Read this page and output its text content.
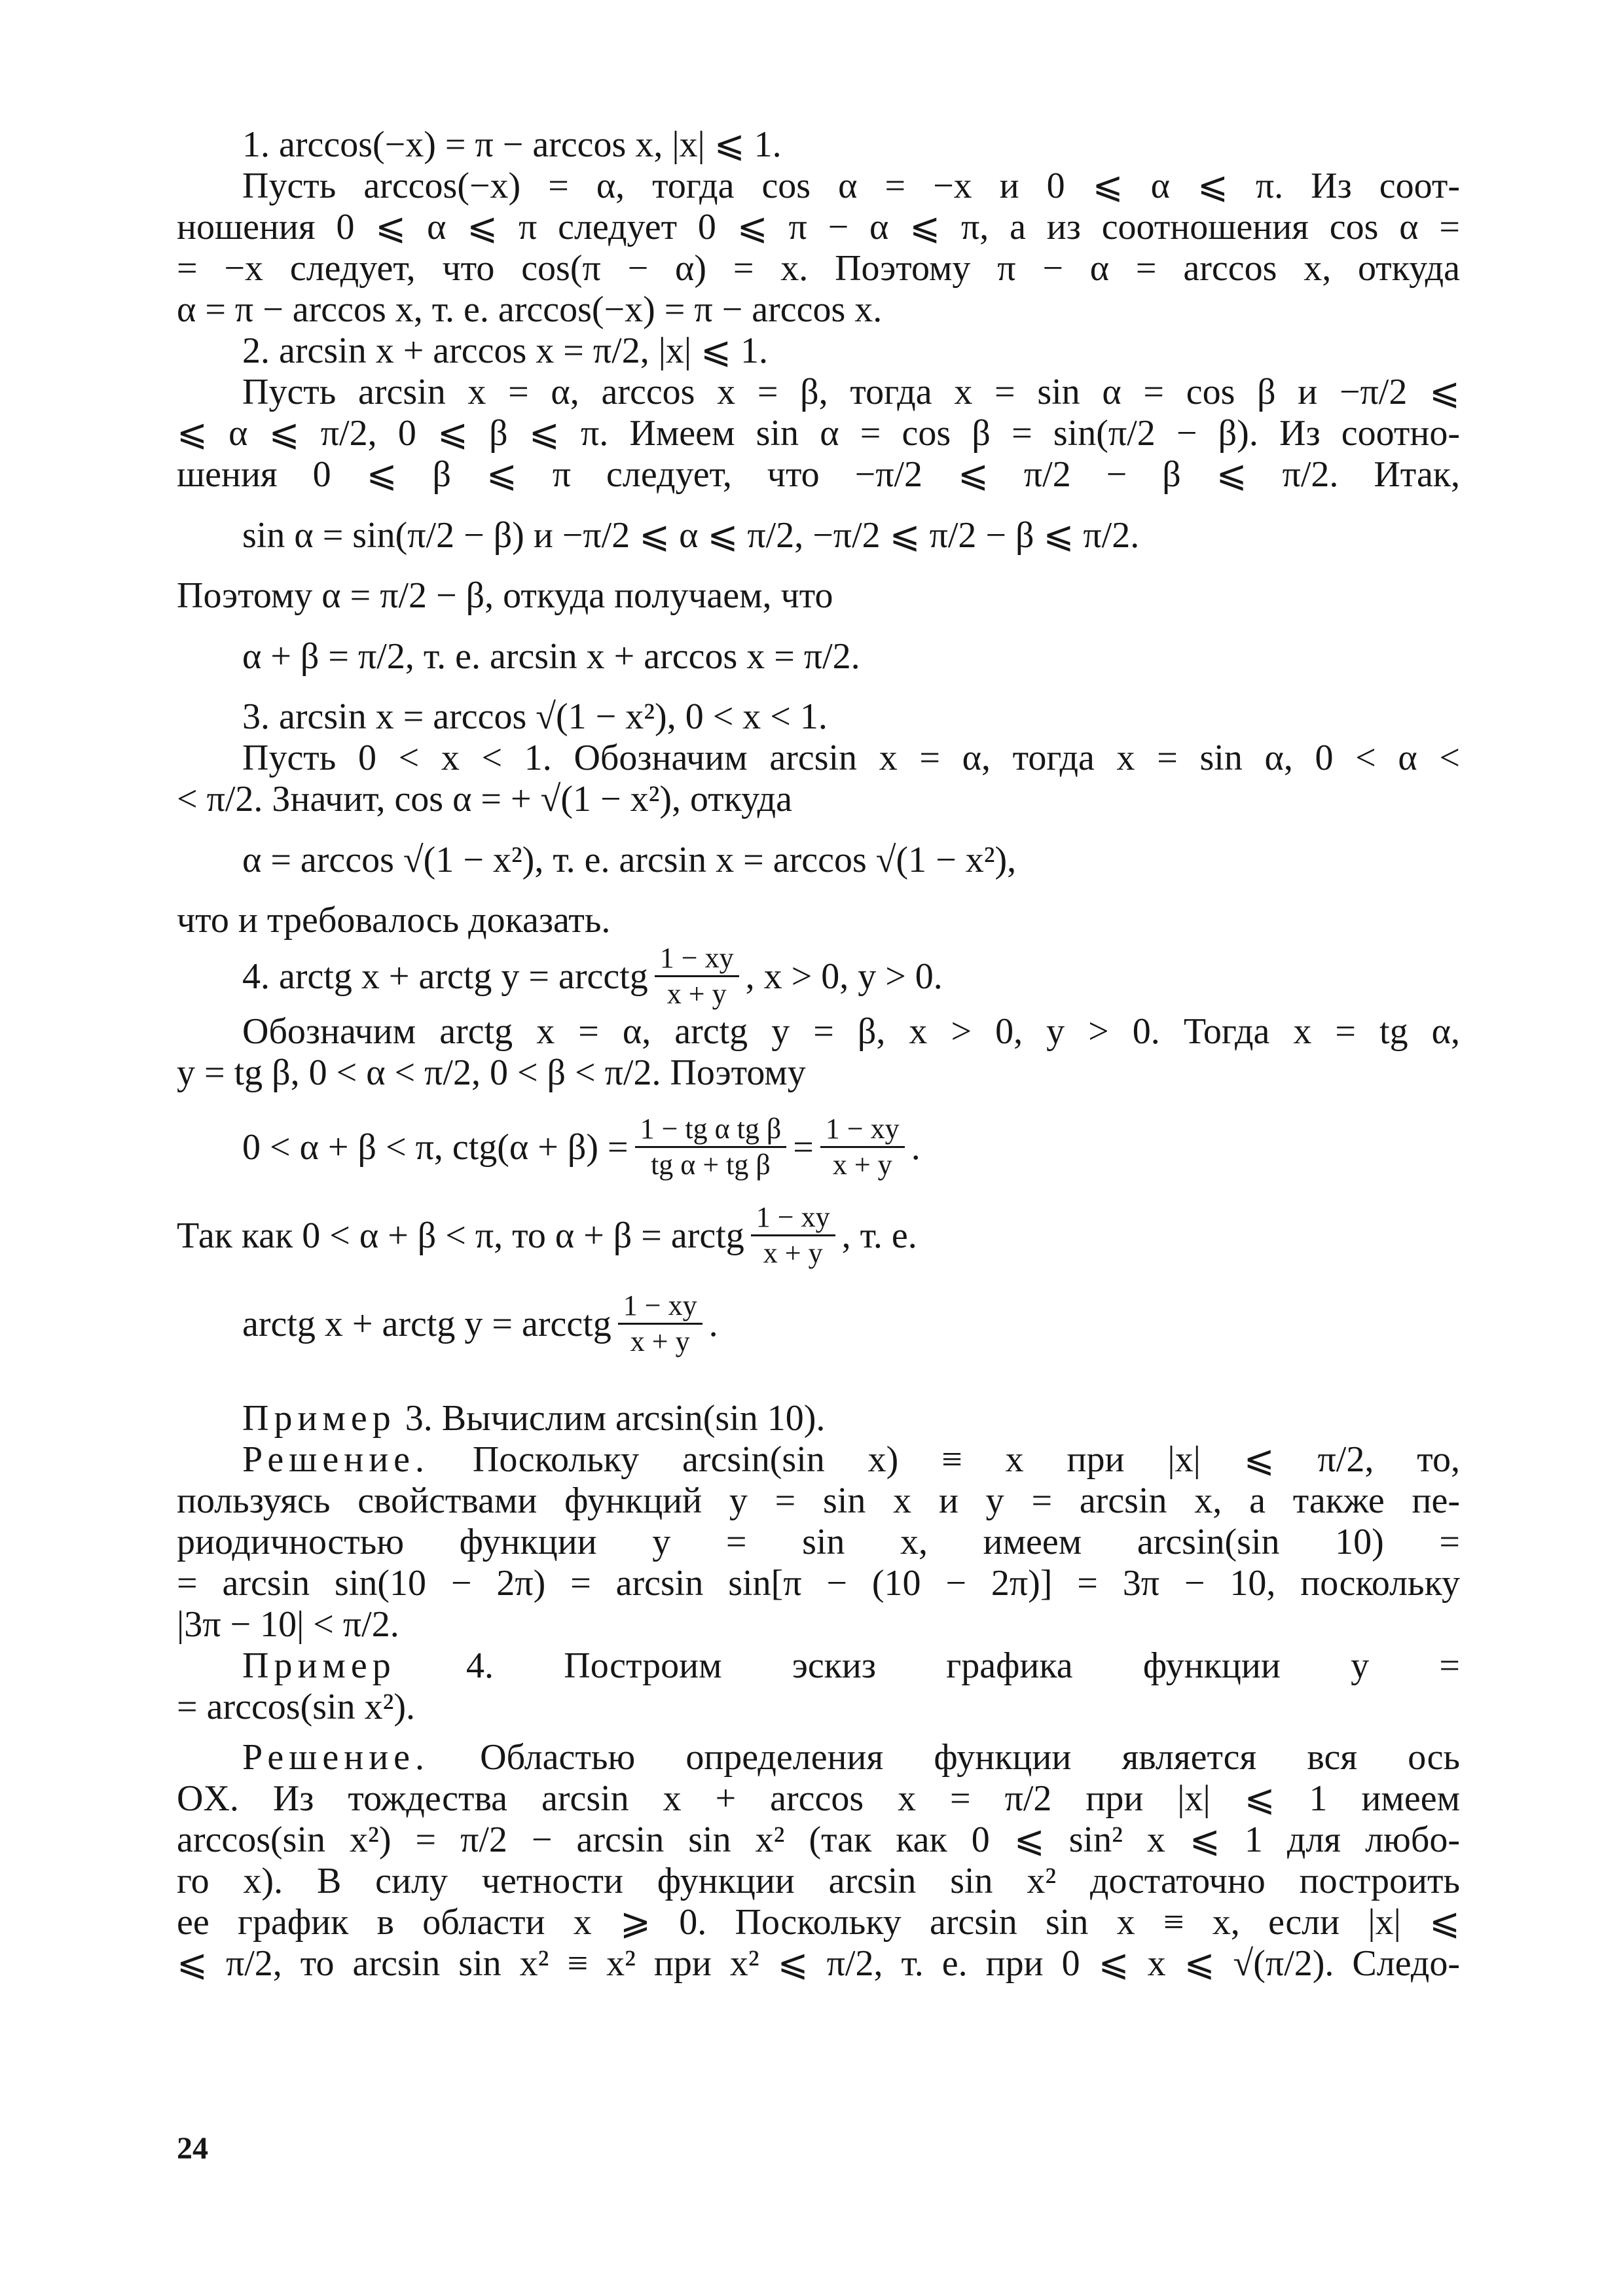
1. arccos(−x) = π − arccos x, |x| ⩽ 1.
Пусть arccos(−x) = α, тогда cos α = −x и 0 ⩽ α ⩽ π. Из соот-
ношения 0 ⩽ α ⩽ π следует 0 ⩽ π − α ⩽ π, а из соотношения cos α =
= −x следует, что cos(π − α) = x. Поэтому π − α = arccos x, откуда
α = π − arccos x, т. е. arccos(−x) = π − arccos x.
2. arcsin x + arccos x = π/2, |x| ⩽ 1.
Пусть arcsin x = α, arccos x = β, тогда x = sin α = cos β и −π/2 ⩽
⩽ α ⩽ π/2, 0 ⩽ β ⩽ π. Имеем sin α = cos β = sin(π/2 − β). Из соотно-
шения 0 ⩽ β ⩽ π следует, что −π/2 ⩽ π/2 − β ⩽ π/2. Итак,
sin α = sin(π/2 − β) и −π/2 ⩽ α ⩽ π/2, −π/2 ⩽ π/2 − β ⩽ π/2.
Поэтому α = π/2 − β, откуда получаем, что
α + β = π/2, т. е. arcsin x + arccos x = π/2.
3. arcsin x = arccos √(1 − x²), 0 < x < 1.
Пусть 0 < x < 1. Обозначим arcsin x = α, тогда x = sin α, 0 < α <
< π/2. Значит, cos α = + √(1 − x²), откуда
α = arccos √(1 − x²), т. е. arcsin x = arccos √(1 − x²),
что и требовалось доказать.
4. arctg x + arctg y = arcctg $\frac{1 - xy}{x + y}$ , x > 0, y > 0.
Обозначим arctg x = α, arctg y = β, x > 0, y > 0. Тогда x = tg α,
y = tg β, 0 < α < π/2, 0 < β < π/2. Поэтому
0 < α + β < π, $ctg(\alpha + \beta) = \frac{\text{1 − tg α tg β}}{\text{tg α + tg β}} = \frac{1 - xy}{x + y}$ .
Так как 0 < α + β < π, то α + β = arctg $\frac{1 - xy}{x + y}$ , т. е.
arctg x + arctg y = arcctg $\frac{1 - xy}{x + y}$ .
Пример 3. Вычислим arcsin(sin 10).
Решение. Поскольку arcsin(sin x) ≡ x при |x| ⩽ π/2, то,
пользуясь свойствами функций y = sin x и y = arcsin x, а также пе-
риодичностью функции y = sin x, имеем arcsin(sin 10) =
= arcsin sin(10 − 2π) = arcsin sin[π − (10 − 2π)] = 3π − 10, поскольку
|3π − 10| < π/2.
Пример 4. Построим эскиз графика функции y =
= arccos(sin x²).
Решение. Областью определения функции является вся ось
OX. Из тождества arcsin x + arccos x = π/2 при |x| ⩽ 1 имеем
arccos(sin x²) = π/2 − arcsin sin x² (так как 0 ⩽ sin² x ⩽ 1 для любо-
го x). В силу четности функции arcsin sin x² достаточно построить
ее график в области x ⩾ 0. Поскольку arcsin sin x ≡ x, если |x| ⩽
⩽ π/2, то arcsin sin x² ≡ x² при x² ⩽ π/2, т. е. при 0 ⩽ x ⩽ √(π/2). Следо-
24
